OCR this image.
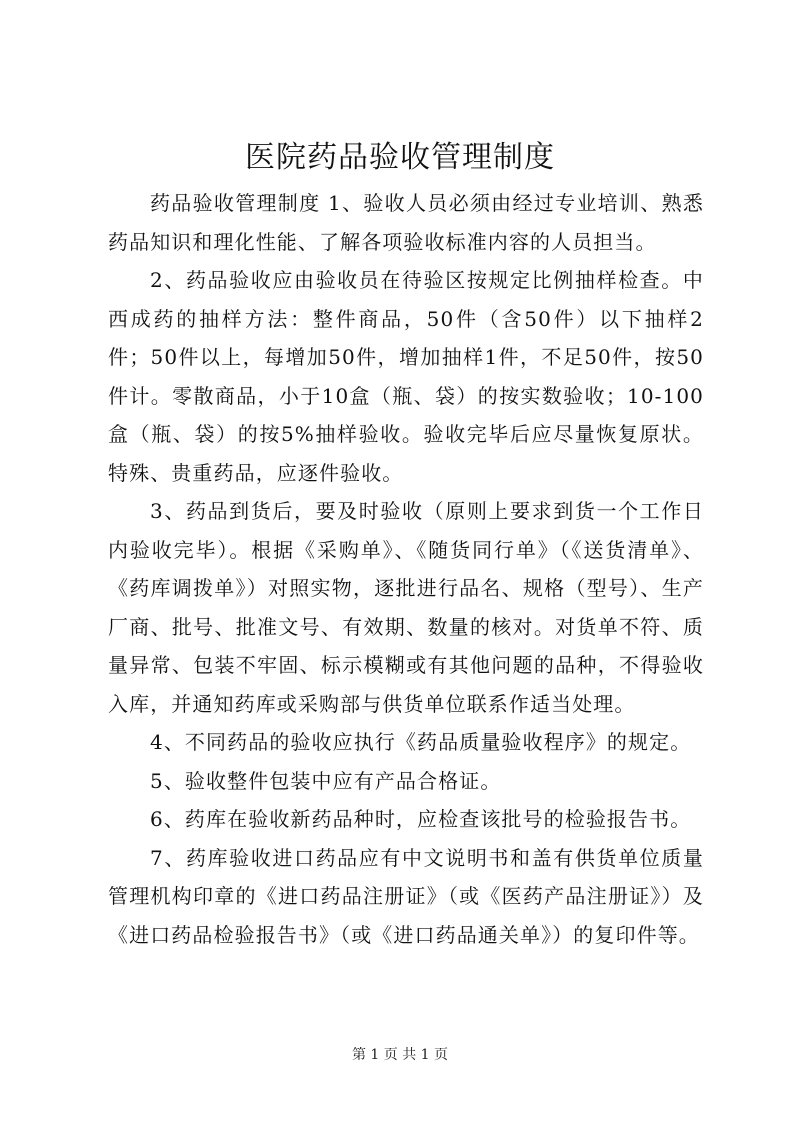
医院药品验收管理制度

药品验收管理制度 1、验收人员必须由经过专业培训、熟悉药品知识和理化性能、了解各项验收标准内容的人员担当。

2、药品验收应由验收员在待验区按规定比例抽样检查。中西成药的抽样方法：整件商品，50件（含50件）以下抽样2件；50件以上，每增加50件，增加抽样1件，不足50件，按50件计。零散商品，小于10盒（瓶、袋）的按实数验收；10-100盒（瓶、袋）的按5%抽样验收。验收完毕后应尽量恢复原状。特殊、贵重药品，应逐件验收。

3、药品到货后，要及时验收（原则上要求到货一个工作日内验收完毕）。根据《采购单》、《随货同行单》（《送货清单》、《药库调拨单》）对照实物，逐批进行品名、规格（型号）、生产厂商、批号、批准文号、有效期、数量的核对。对货单不符、质量异常、包装不牢固、标示模糊或有其他问题的品种，不得验收入库，并通知药库或采购部与供货单位联系作适当处理。

4、不同药品的验收应执行《药品质量验收程序》的规定。

5、验收整件包装中应有产品合格证。

6、药库在验收新药品种时，应检查该批号的检验报告书。

7、药库验收进口药品应有中文说明书和盖有供货单位质量管理机构印章的《进口药品注册证》（或《医药产品注册证》）及《进口药品检验报告书》（或《进口药品通关单》）的复印件等。

第 1 页 共 1 页
